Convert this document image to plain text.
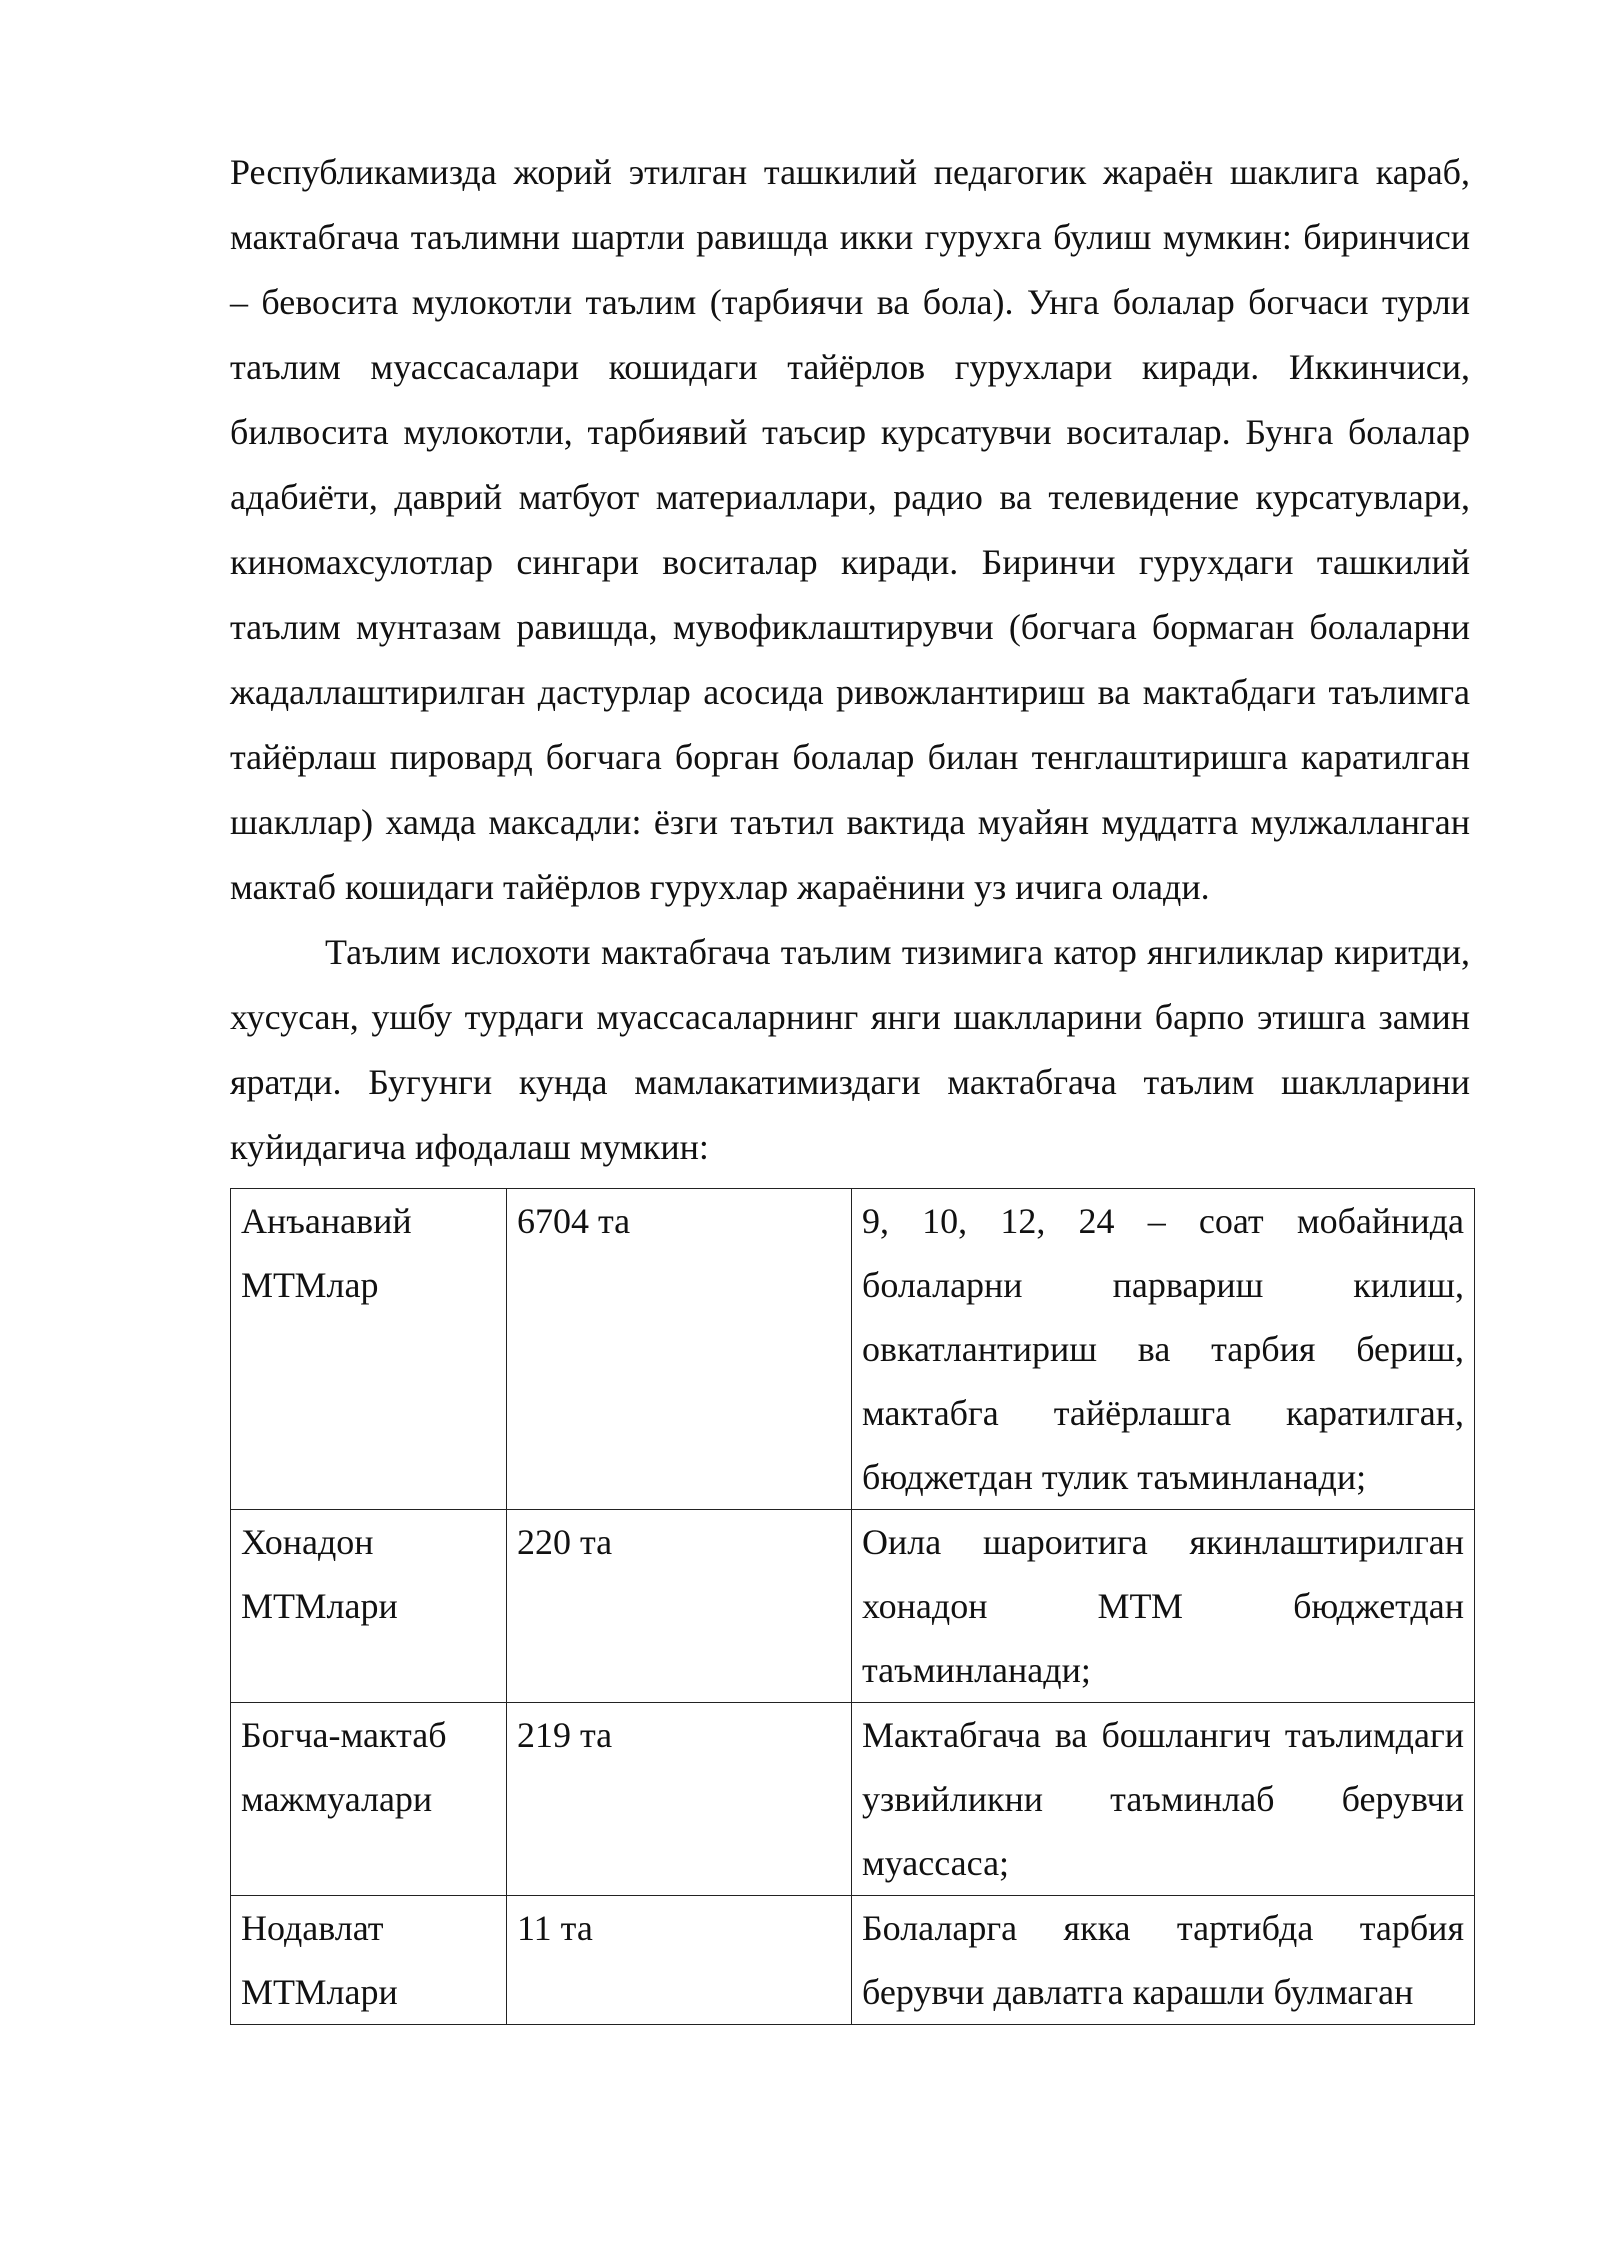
Республикамизда жорий этилган ташкилий педагогик жараён шаклига караб, мактабгача таълимни шартли равишда икки гурухга булиш мумкин: биринчиси – бевосита мулокотли таълим (тарбиячи ва бола). Унга болалар богчаси турли таълим муассасалари кошидаги тайёрлов гурухлари киради. Иккинчиси, билвосита мулокотли, тарбиявий таъсир курсатувчи воситалар. Бунга болалар адабиёти, даврий матбуот материаллари, радио ва телевидение курсатувлари, киномахсулотлар сингари воситалар киради. Биринчи гурухдаги ташкилий таълим мунтазам равишда, мувофиклаштирувчи (богчага бормаган болаларни жадаллаштирилган дастурлар асосида ривожлантириш ва мактабдаги таълимга тайёрлаш пировард богчага борган болалар билан тенглаштиришга каратилган шакллар) хамда максадли: ёзги таътил вактида муайян муддатга мулжалланган мактаб кошидаги тайёрлов гурухлар жараёнини уз ичига олади.

Таълим ислохоти мактабгача таълим тизимига катор янгиликлар киритди, хусусан, ушбу турдаги муассасаларнинг янги шаклларини барпо этишга замин яратди. Бугунги кунда мамлакатимиздаги мактабгача таълим шаклларини куйидагича ифодалаш мумкин:

Анъанавий МТМлар	6704 та	9, 10, 12, 24 – соат мобайнида болаларни парвариш килиш, овкатлантириш ва тарбия бериш, мактабга тайёрлашга каратилган, бюджетдан тулик таъминланади;
Хонадон МТМлари	220 та	Оила шароитига якинлаштирилган хонадон МТМ бюджетдан таъминланади;
Богча-мактаб мажмуалари	219 та	Мактабгача ва бошлангич таълимдаги узвийликни таъминлаб берувчи муассаса;
Нодавлат МТМлари	11 та	Болаларга якка тартибда тарбия берувчи давлатга карашли булмаган
